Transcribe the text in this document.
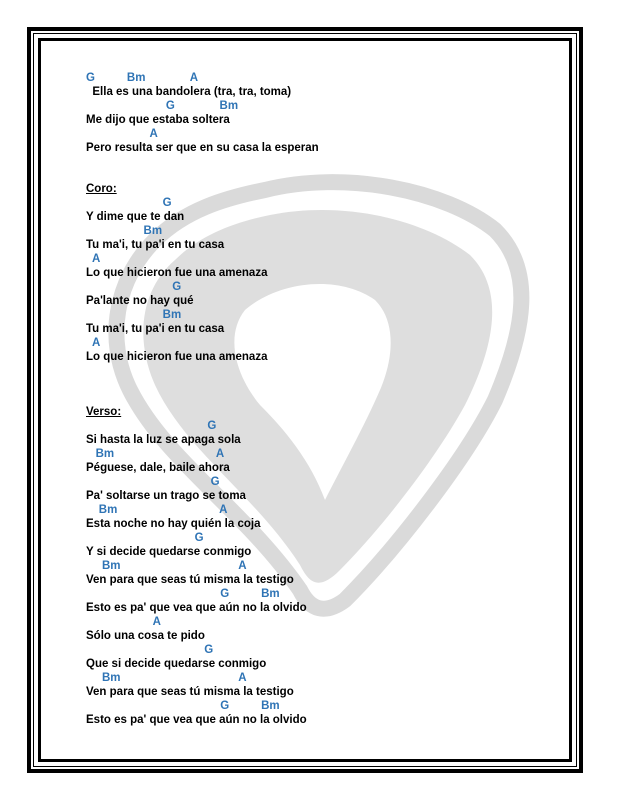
G          Bm              A
Ella es una bandolera (tra, tra, toma)
G              Bm
Me dijo que estaba soltera
A
Pero resulta ser que en su casa la esperan
Coro:
G
Y dime que te dan
Bm
Tu ma'i, tu pa'i en tu casa
A
Lo que hicieron fue una amenaza
G
Pa'lante no hay qué
Bm
Tu ma'i, tu pa'i en tu casa
A
Lo que hicieron fue una amenaza
Verso:
G
Si hasta la luz se apaga sola
Bm                                A
Péguese, dale, baile ahora
G
Pa' soltarse un trago se toma
Bm                                A
Esta noche no hay quién la coja
G
Y si decide quedarse conmigo
Bm                                     A
Ven para que seas tú misma la testigo
G          Bm
Esto es pa' que vea que aún no la olvido
A
Sólo una cosa te pido
G
Que si decide quedarse conmigo
Bm                                     A
Ven para que seas tú misma la testigo
G          Bm
Esto es pa' que vea que aún no la olvido
